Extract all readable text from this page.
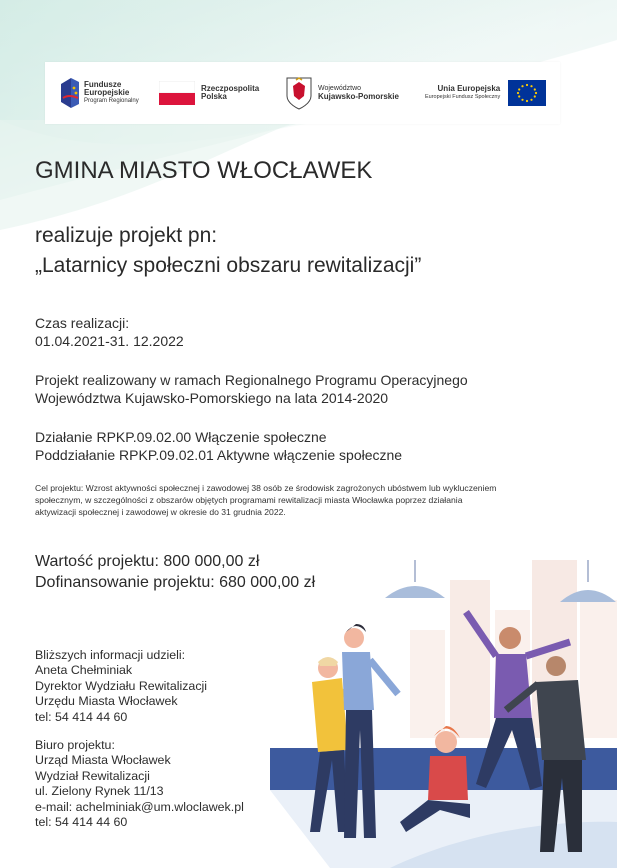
Fundusze
Europejskie
Program Regionalny
Rzeczpospolita
Polska
Województwo
Kujawsko-Pomorskie
Unia Europejska
Europejski Fundusz Społeczny
GMINA MIASTO WŁOCŁAWEK
realizuje projekt pn:
„Latarnicy społeczni obszaru rewitalizacji”
Czas realizacji:
01.04.2021-31. 12.2022
Projekt realizowany w ramach Regionalnego Programu Operacyjnego
Województwa Kujawsko-Pomorskiego na lata 2014-2020
Działanie RPKP.09.02.00 Włączenie społeczne
Poddziałanie RPKP.09.02.01 Aktywne włączenie społeczne
Cel projektu: Wzrost aktywności społecznej i zawodowej 38 osób ze środowisk zagrożonych ubóstwem lub wykluczeniem społecznym, w szczególności z obszarów objętych programami rewitalizacji miasta Włocławka poprzez działania aktywizacji społecznej i zawodowej w okresie do 31 grudnia 2022.
Wartość projektu: 800 000,00 zł
Dofinansowanie projektu: 680 000,00 zł
Bliższych informacji udzieli:
Aneta Chełminiak
Dyrektor Wydziału Rewitalizacji
Urzędu Miasta Włocławek
tel: 54 414 44 60
Biuro projektu:
Urząd Miasta Włocławek
Wydział Rewitalizacji
ul. Zielony Rynek 11/13
e-mail: achelminiak@um.wloclawek.pl
tel: 54 414 44 60
